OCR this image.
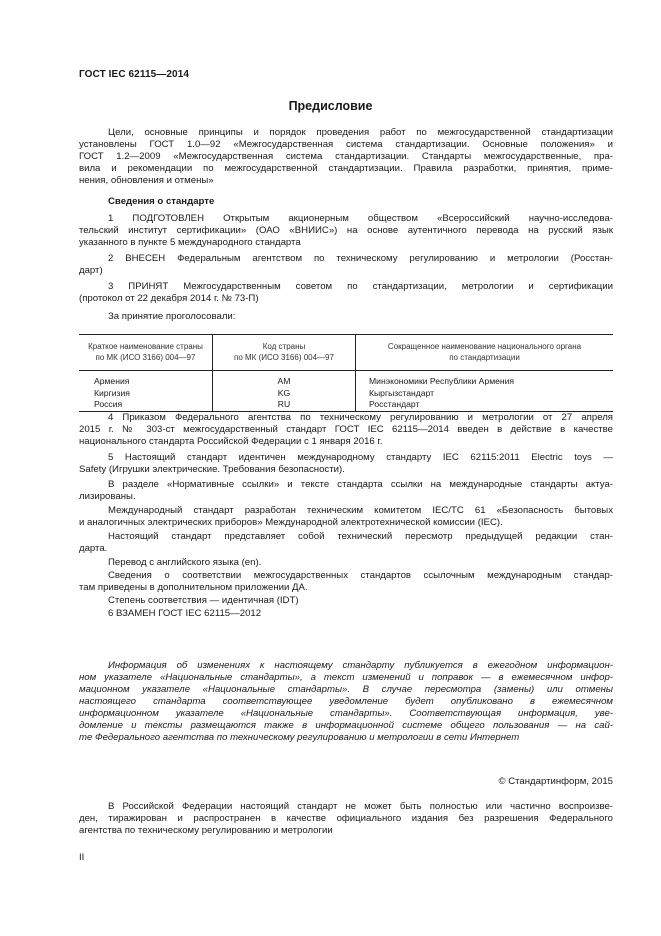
ГОСТ IEC 62115—2014
Предисловие
Цели, основные принципы и порядок проведения работ по межгосударственной стандартизации
установлены ГОСТ 1.0—92 «Межгосударственная система стандартизации. Основные положения» и
ГОСТ 1.2—2009 «Межгосударственная система стандартизации. Стандарты межгосударственные, пра-
вила и рекомендации по межгосударственной стандартизации. Правила разработки, принятия, приме-
нения, обновления и отмены»
Сведения о стандарте
1 ПОДГОТОВЛЕН Открытым акционерным обществом «Всероссийский научно-исследова-
тельский институт сертификации» (ОАО «ВНИИС») на основе аутентичного перевода на русский язык
указанного в пункте 5 международного стандарта
2 ВНЕСЕН Федеральным агентством по техническому регулированию и метрологии (Росстан-
дарт)
3 ПРИНЯТ Межгосударственным советом по стандартизации, метрологии и сертификации
(протокол от 22 декабря 2014 г. № 73-П)
За принятие проголосовали:
Краткое наименование страны
по МК (ИСО 3166) 004—97
Код страны
по МК (ИСО 3166) 004—97
Сокращенное наименование национального органа
по стандартизации
Армения
Киргизия
Россия
AM
KG
RU
Минэкономики Республики Армения
Кыргызстандарт
Росстандарт
4 Приказом Федерального агентства по техническому регулированию и метрологии от 27 апреля
2015 г. № 303-ст межгосударственный стандарт ГОСТ IEC 62115—2014 введен в действие в качестве
национального стандарта Российской Федерации с 1 января 2016 г.
5 Настоящий стандарт идентичен международному стандарту IEC 62115:2011 Electric toys —
Safety (Игрушки электрические. Требования безопасности).
В разделе «Нормативные ссылки» и тексте стандарта ссылки на международные стандарты актуа-
лизированы.
Международный стандарт разработан техническим комитетом IEC/TC 61 «Безопасность бытовых
и аналогичных электрических приборов» Международной электротехнической комиссии (IEC).
Настоящий стандарт представляет собой технический пересмотр предыдущей редакции стан-
дарта.
Перевод с английского языка (en).
Сведения о соответствии межгосударственных стандартов ссылочным международным стандар-
там приведены в дополнительном приложении ДА.
Степень соответствия — идентичная (IDT)
6 ВЗАМЕН ГОСТ IEC 62115—2012
Информация об изменениях к настоящему стандарту публикуется в ежегодном информацион-
ном указателе «Национальные стандарты», а текст изменений и поправок — в ежемесячном инфор-
мационном указателе «Национальные стандарты». В случае пересмотра (замены) или отмены
настоящего стандарта соответствующее уведомление будет опубликовано в ежемесячном
информационном указателе «Национальные стандарты». Соответствующая информация, уве-
домление и тексты размещаются также в информационной системе общего пользования — на сай-
те Федерального агентства по техническому регулированию и метрологии в сети Интернет
© Стандартинформ, 2015
В Российской Федерации настоящий стандарт не может быть полностью или частично воспроизве-
ден, тиражирован и распространен в качестве официального издания без разрешения Федерального
агентства по техническому регулированию и метрологии
II
